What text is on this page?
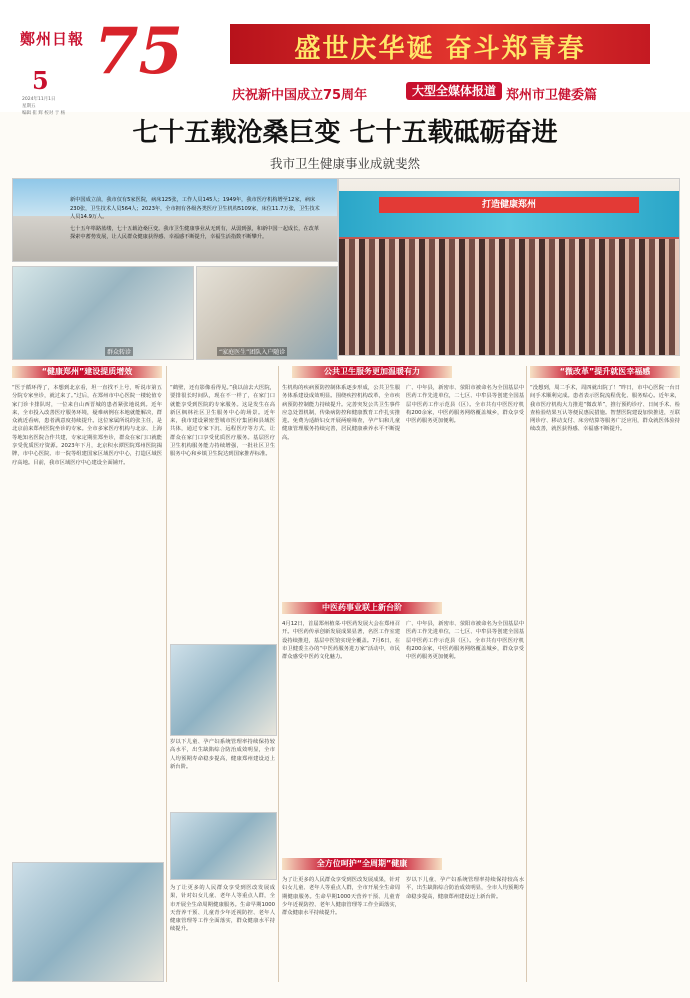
鄭州日報
5
2024年11月1日
星期五
编辑 崔 辉 校对 于 杨
75	盛世庆华诞 奋斗郑青春
庆祝新中国成立75周年	大型全媒体报道 郑州市卫健委篇
七十五载沧桑巨变 七十五载砥砺奋进
我市卫生健康事业成就斐然
新中国成立前，我市仅有5家医院，病床125张，工作人员145人；1949年，我市医疗机构增至12家，病床230张，卫生技术人员564人；2023年，全市拥有各级各类医疗卫生机构5109家，床位11.7万张，卫生技术人员14.9万人。
七十五年筚路蓝缕，七十五载沧桑巨变。我市卫生健康事业从无到有，从弱到强，和新中国一起成长，在改革探索中蓄势发展，让人民群众健康获得感、幸福感不断提升，幸福生活指数不断攀升。
打造健康郑州
群众转诊	“家庭医生”团队入户随诊
“健康郑州”建设提质增效	公共卫生服务更加温暖有力	“微改革”提升就医幸福感
中医药事业联上新台阶
全方位呵护“全周期”健康
“医于循环得了，本想到北京看，坦一直找不上号，听说市第五分院专家坐诊，就过来了。”过后，在郑州市中心医院一楼轮值专家门诊卡排队时，一位来自山西晋城的患者紧张地说到。近年来，全市投入改善医疗服务环境，疑难病例在本地就能解决，群众就近看病，患者满意度持续提升。这位家属所说的张主任，是北京前来郑州医院坐诊的专家。全市多家医疗机构与北京、上海等地知名医院合作共建，专家定期驻郑坐诊，群众在家门口就能享受优质医疗资源。2023年下月，北京积水潭医院郑州医院揭牌，市中心医院、市一院等组建国家区域医疗中心，打造区域医疗高地。目前，我市区域医疗中心建设全面铺开。
“鹤壁，还有影像看得见。”我以前去大医院，要排很长时间队，现在不一样了，在家门口就能享受到医院的专家服务。这是发生在高新区枫林社区卫生服务中心的场景。近年来，我市建设紧密型城市医疗集团和县域医共体，通过专家下沉、远程医疗等方式，让群众在家门口享受优质医疗服务。基层医疗卫生机构服务能力持续增强，一批社区卫生服务中心和乡镇卫生院达到国家推荐标准。
生机构的疾病预防控制体系逐步形成，公共卫生服务体系建设成效明显。围绕疾控机构改革，全市疾病预防控制能力持续提升。完善突发公共卫生事件应急处置机制，传染病防控和健康教育工作扎实推进。免费为适龄妇女开展两癌筛查，孕产妇和儿童健康管理服务持续完善，居民健康素养水平不断提高。
广、中年县，新密市、荥阳市被命名为全国基层中医药工作先进单位，二七区、中牟县等创建全国基层中医药工作示范县（区）。全市共有中医医疗机构200余家，中医药服务网络覆盖城乡，群众享受中医药服务更加便利。
“没想到，周二手术，周四就出院了！”昨日，市中心医院一台日间手术顺利完成。患者表示医院流程优化、服务贴心。近年来，我市医疗机构大力推进“微改革”，推行预约诊疗、日间手术、检查检验结果互认等便民惠民措施。智慧医院建设加快推进，互联网诊疗、移动支付、床旁结算等服务广泛应用，群众就医体验持续改善，就医获得感、幸福感不断提升。
岁以下儿童、孕产妇系统管理率持续保持较高水平，出生缺陷综合防治成效明显，全市人均预期寿命稳步提高，健康郑州建设迈上新台阶。
4月12日，首届郑州植菜·中医药发展大会在郑州召开。中医药传承创新发展成果显著，名医工作室建设持续推进，基层中医馆实现全覆盖。7月6日，在市卫健委主办的“中医药服务进万家”活动中，市民群众感受中医药文化魅力。
广、中年县，新密市、荥阳市被命名为全国基层中医药工作先进单位，二七区、中牟县等创建全国基层中医药工作示范县（区）。全市共有中医医疗机构200余家，中医药服务网络覆盖城乡，群众享受中医药服务更加便利。
为了让更多的人民群众享受到医改发展成果，针对妇女儿童、老年人等重点人群，全市开展全生命周期健康服务。生命早期1000天营养干预、儿童青少年近视防控、老年人健康管理等工作全面落实，群众健康水平持续提升。
为了让更多的人民群众享受到医改发展成果，针对妇女儿童、老年人等重点人群，全市开展全生命周期健康服务。生命早期1000天营养干预、儿童青少年近视防控、老年人健康管理等工作全面落实，群众健康水平持续提升。
岁以下儿童、孕产妇系统管理率持续保持较高水平，出生缺陷综合防治成效明显，全市人均预期寿命稳步提高，健康郑州建设迈上新台阶。
